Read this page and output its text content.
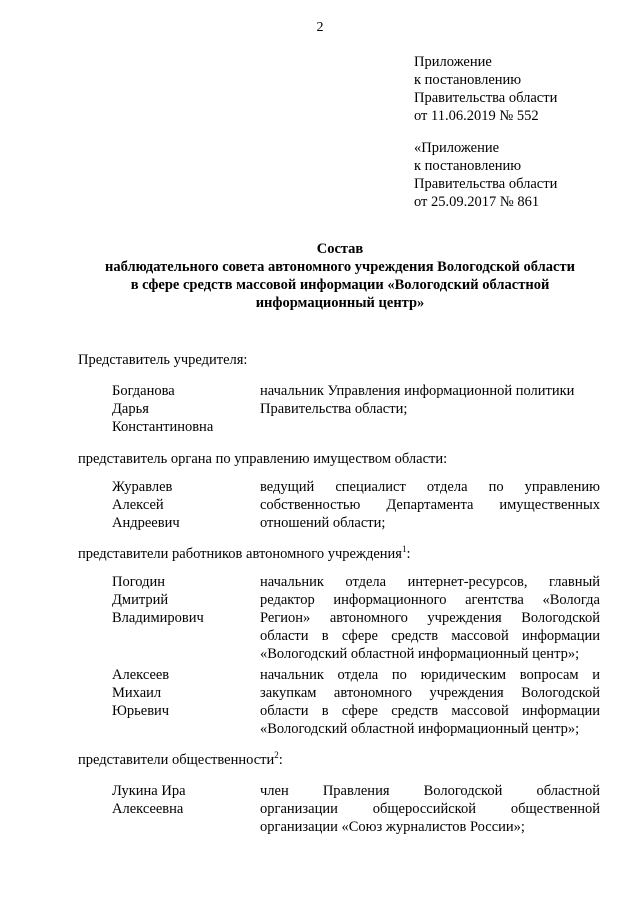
2
Приложение
к постановлению
Правительства области
от 11.06.2019 № 552
«Приложение
к постановлению
Правительства области
от 25.09.2017 № 861
Состав
наблюдательного совета автономного учреждения Вологодской области
в сфере средств массовой информации «Вологодский областной
информационный центр»
Представитель учредителя:
Богданова
Дарья
Константиновна
начальник Управления информационной политики
Правительства области;
представитель органа по управлению имуществом области:
Журавлев
Алексей
Андреевич
ведущий специалист отдела по управлению
собственностью Департамента имущественных
отношений области;
представители работников автономного учреждения$^1$:
Погодин
Дмитрий
Владимирович
начальник отдела интернет-ресурсов, главный
редактор информационного агентства «Вологда
Регион» автономного учреждения Вологодской
области в сфере средств массовой информации
«Вологодский областной информационный центр»;
Алексеев
Михаил
Юрьевич
начальник отдела по юридическим вопросам и
закупкам автономного учреждения Вологодской
области в сфере средств массовой информации
«Вологодский областной информационный центр»;
представители общественности$^2$:
Лукина Ира
Алексеевна
член Правления Вологодской областной
организации общероссийской общественной
организации «Союз журналистов России»;
